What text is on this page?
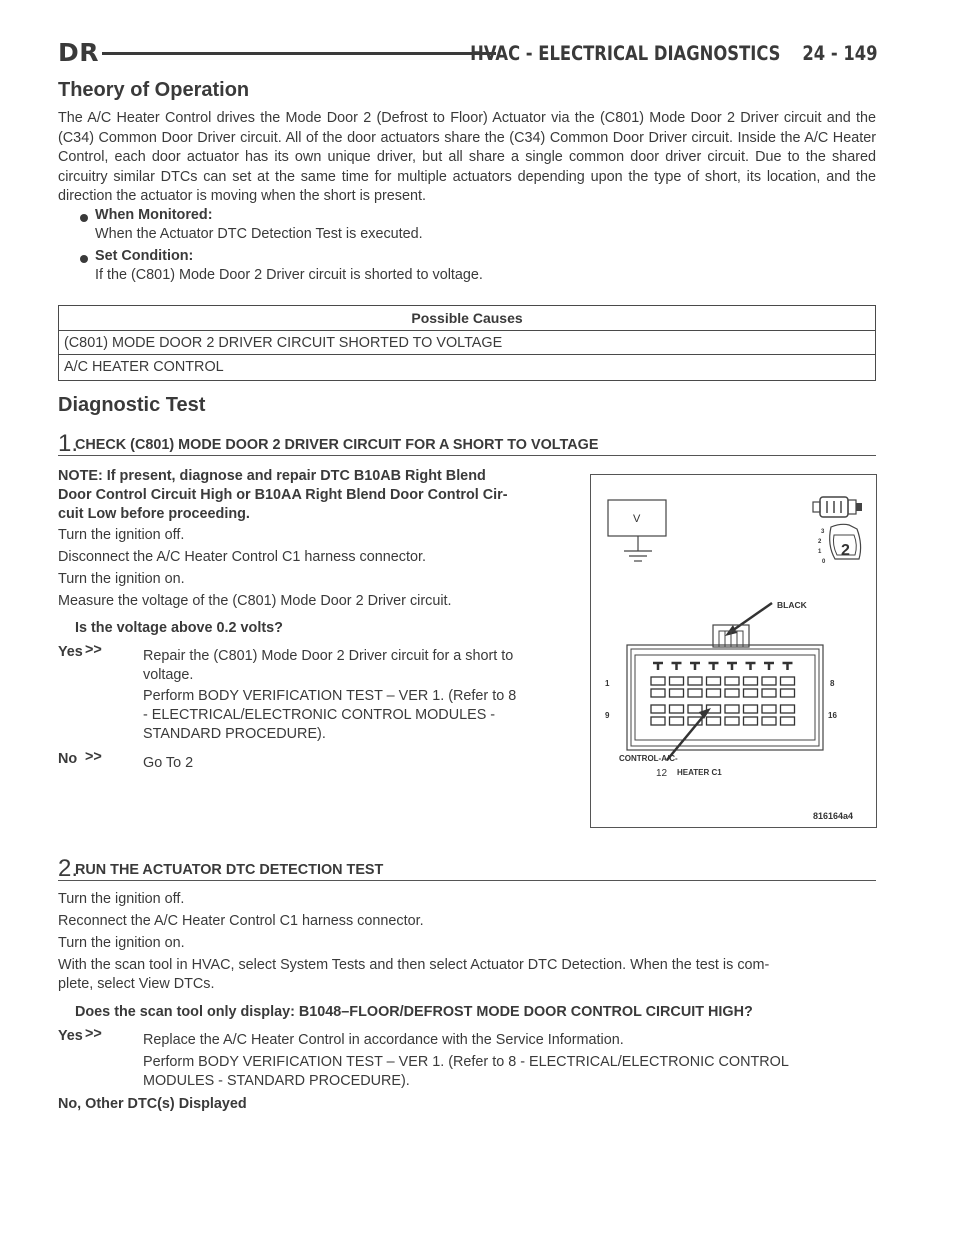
DR	HVAC - ELECTRICAL DIAGNOSTICS 24 - 149
Theory of Operation

The A/C Heater Control drives the Mode Door 2 (Defrost to Floor) Actuator via the (C801) Mode Door 2 Driver circuit and the (C34) Common Door Driver circuit. All of the door actuators share the (C34) Common Door Driver circuit. Inside the A/C Heater Control, each door actuator has its own unique driver, but all share a single common door driver circuit. Due to the shared circuitry similar DTCs can set at the same time for multiple actuators depending upon the type of short, its location, and the direction the actuator is moving when the short is present.

When Monitored:
When the Actuator DTC Detection Test is executed.
Set Condition:
If the (C801) Mode Door 2 Driver circuit is shorted to voltage.
Possible Causes
(C801) MODE DOOR 2 DRIVER CIRCUIT SHORTED TO VOLTAGE
A/C HEATER CONTROL
Diagnostic Test
1.
CHECK (C801) MODE DOOR 2 DRIVER CIRCUIT FOR A SHORT TO VOLTAGE
NOTE: If present, diagnose and repair DTC B10AB Right Blend
Door Control Circuit High or B10AA Right Blend Door Control Cir-
cuit Low before proceeding.
Turn the ignition off.
Disconnect the A/C Heater Control C1 harness connector.
Turn the ignition on.
Measure the voltage of the (C801) Mode Door 2 Driver circuit.
Is the voltage above 0.2 volts?
Yes >>	Repair the (C801) Mode Door 2 Driver circuit for a short to
voltage.
Perform BODY VERIFICATION TEST – VER 1. (Refer to 8
- ELECTRICAL/ELECTRONIC CONTROL MODULES -
STANDARD PROCEDURE).
No >>	Go To 2
V
3
2
1
0
2
BLACK
1	8
9	16
CONTROL-A/C-
12 HEATER C1
816164a4
2.
RUN THE ACTUATOR DTC DETECTION TEST
Turn the ignition off.
Reconnect the A/C Heater Control C1 harness connector.
Turn the ignition on.
With the scan tool in HVAC, select System Tests and then select Actuator DTC Detection. When the test is com-
plete, select View DTCs.
Does the scan tool only display: B1048–FLOOR/DEFROST MODE DOOR CONTROL CIRCUIT HIGH?
Yes >>	Replace the A/C Heater Control in accordance with the Service Information.
Perform BODY VERIFICATION TEST – VER 1. (Refer to 8 - ELECTRICAL/ELECTRONIC CONTROL
MODULES - STANDARD PROCEDURE).
No, Other DTC(s) Displayed
